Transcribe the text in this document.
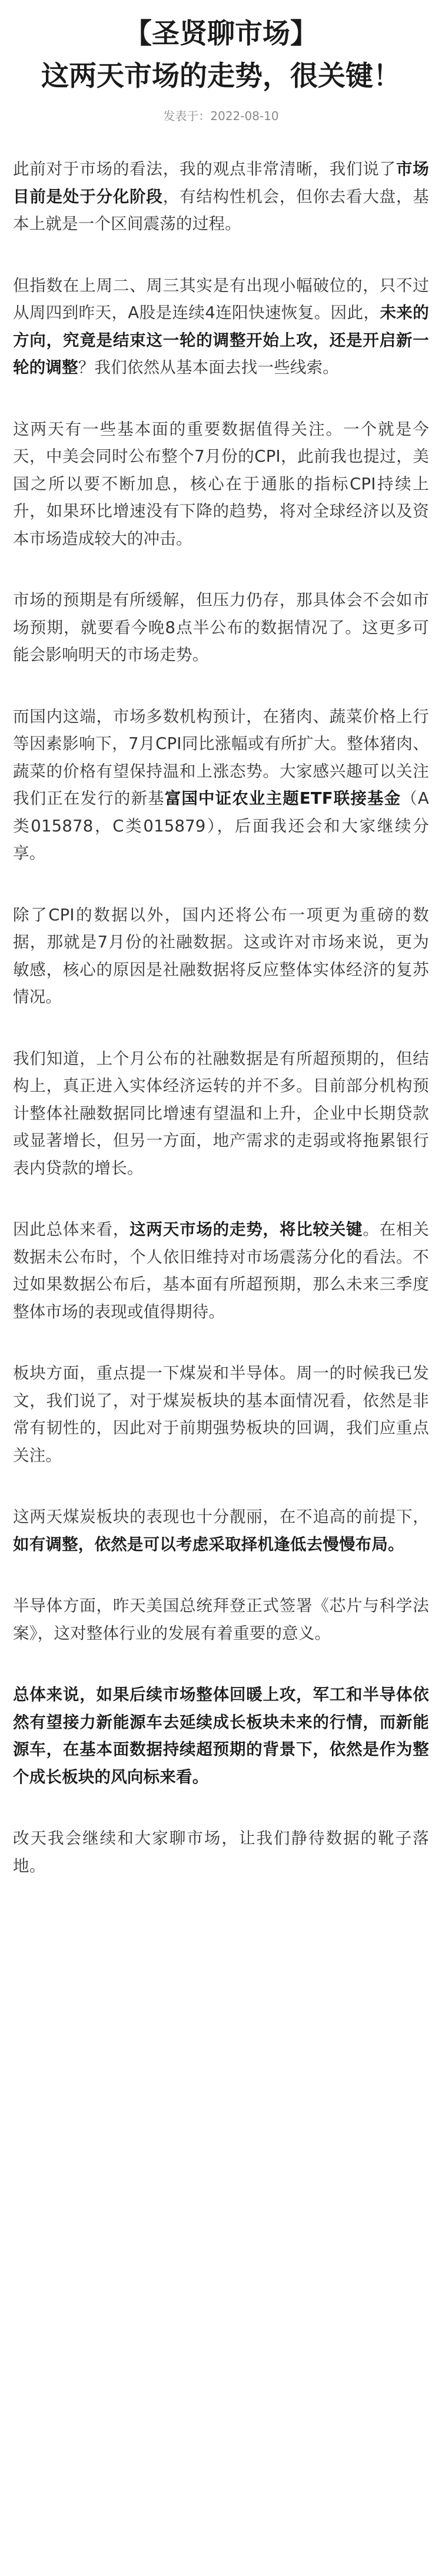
【圣贤聊市场】
这两天市场的走势，很关键！
发表于：2022-08-10

此前对于市场的看法，我的观点非常清晰，我们说了市场目前是处于分化阶段，有结构性机会，但你去看大盘，基本上就是一个区间震荡的过程。

但指数在上周二、周三其实是有出现小幅破位的，只不过从周四到昨天，A股是连续4连阳快速恢复。因此，未来的方向，究竟是结束这一轮的调整开始上攻，还是开启新一轮的调整？我们依然从基本面去找一些线索。

这两天有一些基本面的重要数据值得关注。一个就是今天，中美会同时公布整个7月份的CPI，此前我也提过，美国之所以要不断加息，核心在于通胀的指标CPI持续上升，如果环比增速没有下降的趋势，将对全球经济以及资本市场造成较大的冲击。

市场的预期是有所缓解，但压力仍存，那具体会不会如市场预期，就要看今晚8点半公布的数据情况了。这更多可能会影响明天的市场走势。

而国内这端，市场多数机构预计，在猪肉、蔬菜价格上行等因素影响下，7月CPI同比涨幅或有所扩大。整体猪肉、蔬菜的价格有望保持温和上涨态势。大家感兴趣可以关注我们正在发行的新基富国中证农业主题ETF联接基金（A类015878，C类015879），后面我还会和大家继续分享。

除了CPI的数据以外，国内还将公布一项更为重磅的数据，那就是7月份的社融数据。这或许对市场来说，更为敏感，核心的原因是社融数据将反应整体实体经济的复苏情况。

我们知道，上个月公布的社融数据是有所超预期的，但结构上，真正进入实体经济运转的并不多。目前部分机构预计整体社融数据同比增速有望温和上升，企业中长期贷款或显著增长，但另一方面，地产需求的走弱或将拖累银行表内贷款的增长。

因此总体来看，这两天市场的走势，将比较关键。在相关数据未公布时，个人依旧维持对市场震荡分化的看法。不过如果数据公布后，基本面有所超预期，那么未来三季度整体市场的表现或值得期待。

板块方面，重点提一下煤炭和半导体。周一的时候我已发文，我们说了，对于煤炭板块的基本面情况看，依然是非常有韧性的，因此对于前期强势板块的回调，我们应重点关注。

这两天煤炭板块的表现也十分靓丽，在不追高的前提下，如有调整，依然是可以考虑采取择机逢低去慢慢布局。

半导体方面，昨天美国总统拜登正式签署《芯片与科学法案》，这对整体行业的发展有着重要的意义。

总体来说，如果后续市场整体回暖上攻，军工和半导体依然有望接力新能源车去延续成长板块未来的行情，而新能源车，在基本面数据持续超预期的背景下，依然是作为整个成长板块的风向标来看。

改天我会继续和大家聊市场，让我们静待数据的靴子落地。
